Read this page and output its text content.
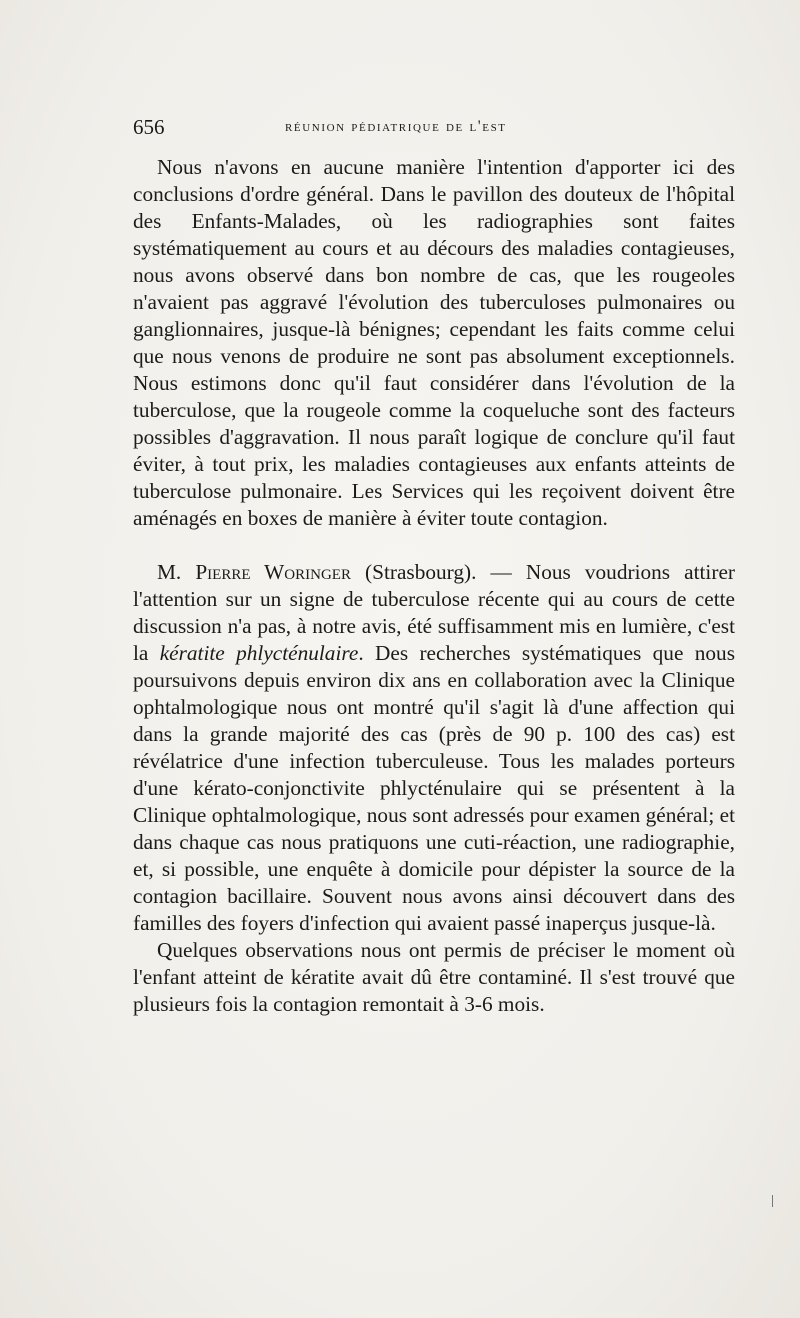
656	réunion pédiatrique de l'est

Nous n'avons en aucune manière l'intention d'apporter ici des conclusions d'ordre général. Dans le pavillon des douteux de l'hôpital des Enfants-Malades, où les radiographies sont faites systématiquement au cours et au décours des maladies contagieuses, nous avons observé dans bon nombre de cas, que les rougeoles n'avaient pas aggravé l'évolution des tuberculoses pulmonaires ou ganglionnaires, jusque-là bénignes; cependant les faits comme celui que nous venons de produire ne sont pas absolument exceptionnels. Nous estimons donc qu'il faut considérer dans l'évolution de la tuberculose, que la rougeole comme la coqueluche sont des facteurs possibles d'aggravation. Il nous paraît logique de conclure qu'il faut éviter, à tout prix, les maladies contagieuses aux enfants atteints de tuberculose pulmonaire. Les Services qui les reçoivent doivent être aménagés en boxes de manière à éviter toute contagion.

M. Pierre Woringer (Strasbourg). — Nous voudrions attirer l'attention sur un signe de tuberculose récente qui au cours de cette discussion n'a pas, à notre avis, été suffisamment mis en lumière, c'est la kératite phlycténulaire. Des recherches systématiques que nous poursuivons depuis environ dix ans en collaboration avec la Clinique ophtalmologique nous ont montré qu'il s'agit là d'une affection qui dans la grande majorité des cas (près de 90 p. 100 des cas) est révélatrice d'une infection tuberculeuse. Tous les malades porteurs d'une kérato-conjonctivite phlycténulaire qui se présentent à la Clinique ophtalmologique, nous sont adressés pour examen général; et dans chaque cas nous pratiquons une cuti-réaction, une radiographie, et, si possible, une enquête à domicile pour dépister la source de la contagion bacillaire. Souvent nous avons ainsi découvert dans des familles des foyers d'infection qui avaient passé inaperçus jusque-là.

Quelques observations nous ont permis de préciser le moment où l'enfant atteint de kératite avait dû être contaminé. Il s'est trouvé que plusieurs fois la contagion remontait à 3-6 mois.
